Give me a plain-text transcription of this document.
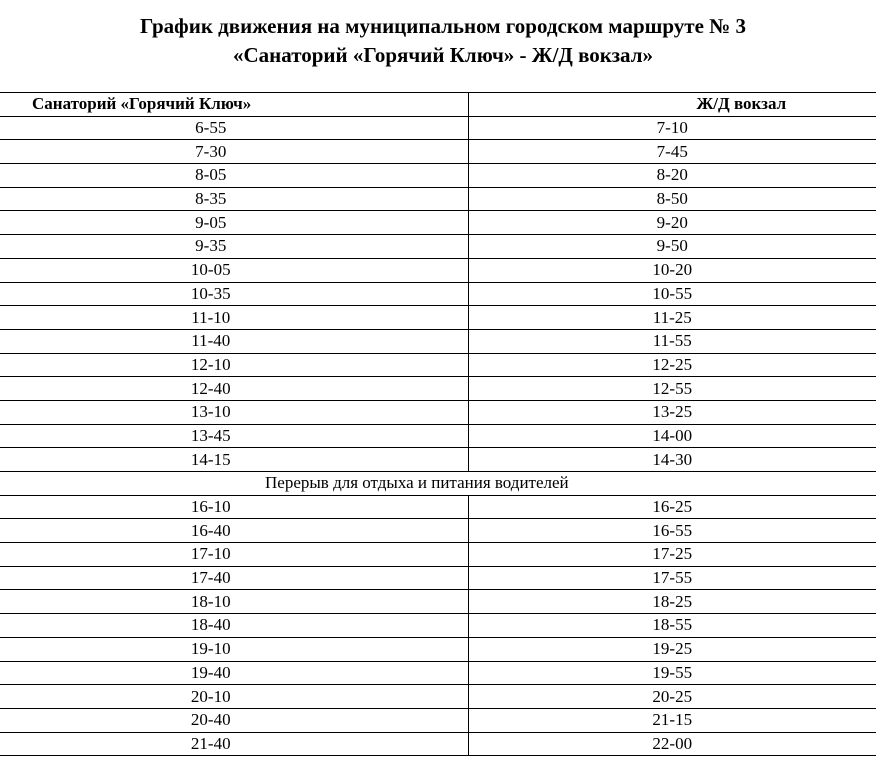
График движения на муниципальном городском маршруте № 3
«Санаторий «Горячий Ключ» - Ж/Д вокзал»
Санаторий «Горячий Ключ»	Ж/Д вокзал
6-55	7-10
7-30	7-45
8-05	8-20
8-35	8-50
9-05	9-20
9-35	9-50
10-05	10-20
10-35	10-55
11-10	11-25
11-40	11-55
12-10	12-25
12-40	12-55
13-10	13-25
13-45	14-00
14-15	14-30
Перерыв для отдыха и питания водителей	
16-10	16-25
16-40	16-55
17-10	17-25
17-40	17-55
18-10	18-25
18-40	18-55
19-10	19-25
19-40	19-55
20-10	20-25
20-40	21-15
21-40	22-00
